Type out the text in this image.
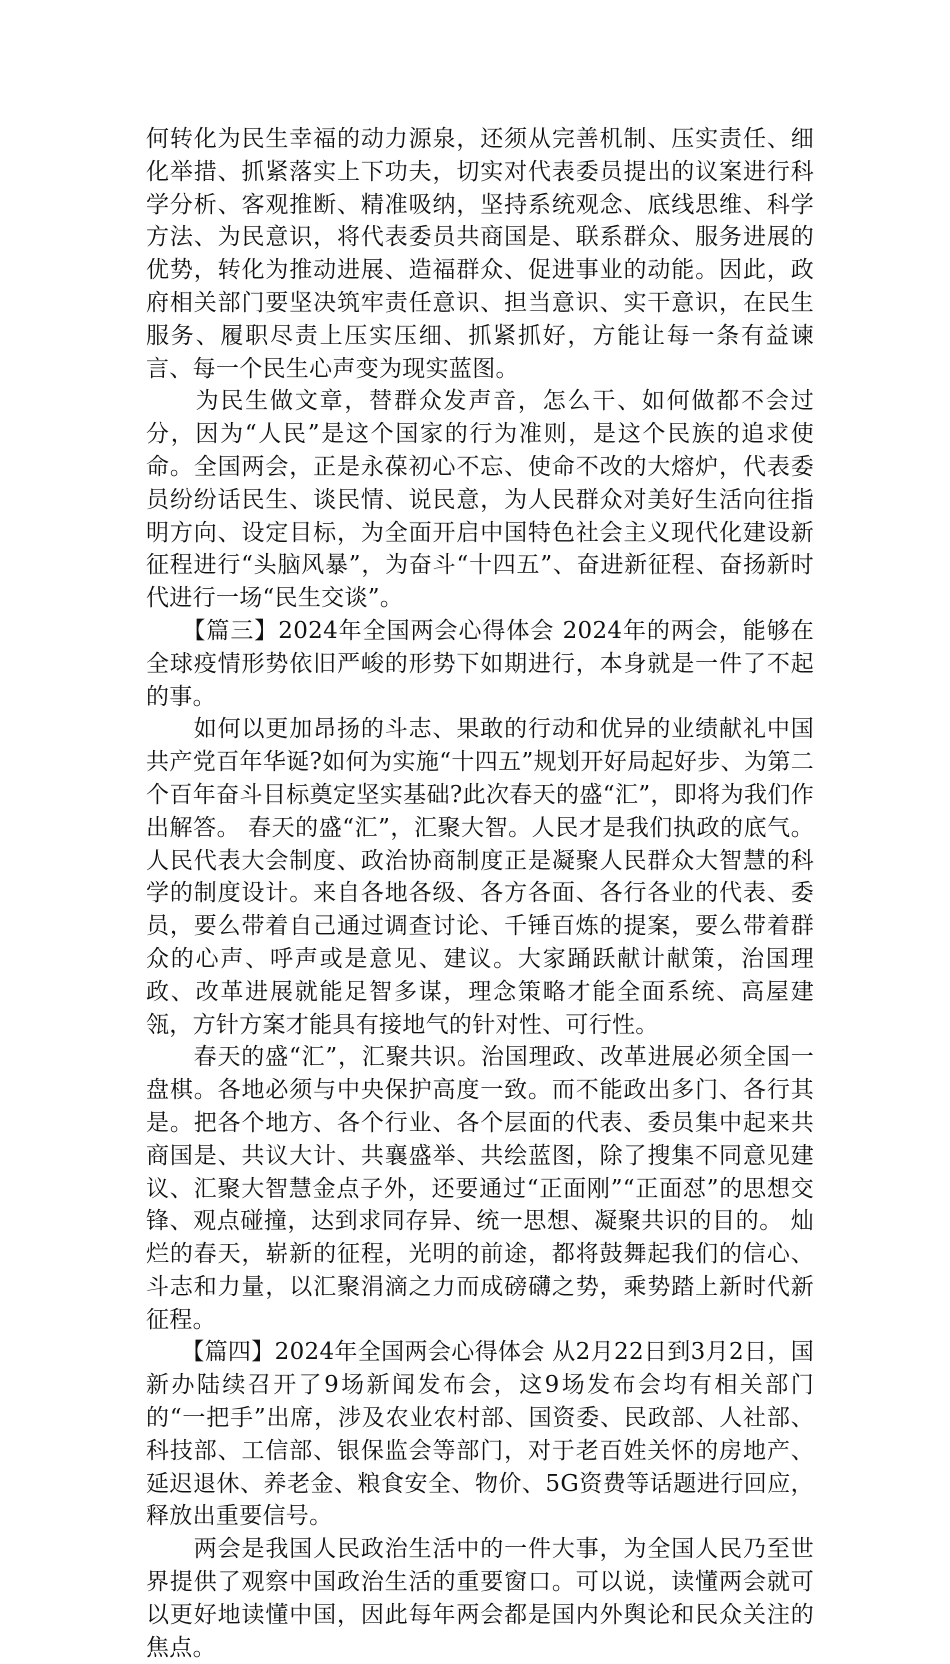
何转化为民生幸福的动力源泉，还须从完善机制、压实责任、细化举措、抓紧落实上下功夫，切实对代表委员提出的议案进行科学分析、客观推断、精准吸纳，坚持系统观念、底线思维、科学方法、为民意识，将代表委员共商国是、联系群众、服务进展的优势，转化为推动进展、造福群众、促进事业的动能。因此，政府相关部门要坚决筑牢责任意识、担当意识、实干意识，在民生服务、履职尽责上压实压细、抓紧抓好，方能让每一条有益谏言、每一个民生心声变为现实蓝图。

　　为民生做文章，替群众发声音，怎么干、如何做都不会过分，因为“人民”是这个国家的行为准则，是这个民族的追求使命。全国两会，正是永葆初心不忘、使命不改的大熔炉，代表委员纷纷话民生、谈民情、说民意，为人民群众对美好生活向往指明方向、设定目标，为全面开启中国特色社会主义现代化建设新征程进行“头脑风暴”，为奋斗“十四五”、奋进新征程、奋扬新时代进行一场“民生交谈”。

　　【篇三】2024年全国两会心得体会 2024年的两会，能够在全球疫情形势依旧严峻的形势下如期进行，本身就是一件了不起的事。

　　如何以更加昂扬的斗志、果敢的行动和优异的业绩献礼中国共产党百年华诞?如何为实施“十四五”规划开好局起好步、为第二个百年奋斗目标奠定坚实基础?此次春天的盛“汇”，即将为我们作出解答。 春天的盛“汇”，汇聚大智。人民才是我们执政的底气。人民代表大会制度、政治协商制度正是凝聚人民群众大智慧的科学的制度设计。来自各地各级、各方各面、各行各业的代表、委员，要么带着自己通过调查讨论、千锤百炼的提案，要么带着群众的心声、呼声或是意见、建议。大家踊跃献计献策，治国理政、改革进展就能足智多谋，理念策略才能全面系统、高屋建瓴，方针方案才能具有接地气的针对性、可行性。

　　春天的盛“汇”，汇聚共识。治国理政、改革进展必须全国一盘棋。各地必须与中央保护高度一致。而不能政出多门、各行其是。把各个地方、各个行业、各个层面的代表、委员集中起来共商国是、共议大计、共襄盛举、共绘蓝图，除了搜集不同意见建议、汇聚大智慧金点子外，还要通过“正面刚”“正面怼”的思想交锋、观点碰撞，达到求同存异、统一思想、凝聚共识的目的。 灿烂的春天，崭新的征程，光明的前途，都将鼓舞起我们的信心、斗志和力量，以汇聚涓滴之力而成磅礴之势，乘势踏上新时代新征程。

　　【篇四】2024年全国两会心得体会 从2月22日到3月2日，国新办陆续召开了9场新闻发布会，这9场发布会均有相关部门的“一把手”出席，涉及农业农村部、国资委、民政部、人社部、科技部、工信部、银保监会等部门，对于老百姓关怀的房地产、延迟退休、养老金、粮食安全、物价、5G资费等话题进行回应，释放出重要信号。

　　两会是我国人民政治生活中的一件大事，为全国人民乃至世界提供了观察中国政治生活的重要窗口。可以说，读懂两会就可以更好地读懂中国，因此每年两会都是国内外舆论和民众关注的焦点。
